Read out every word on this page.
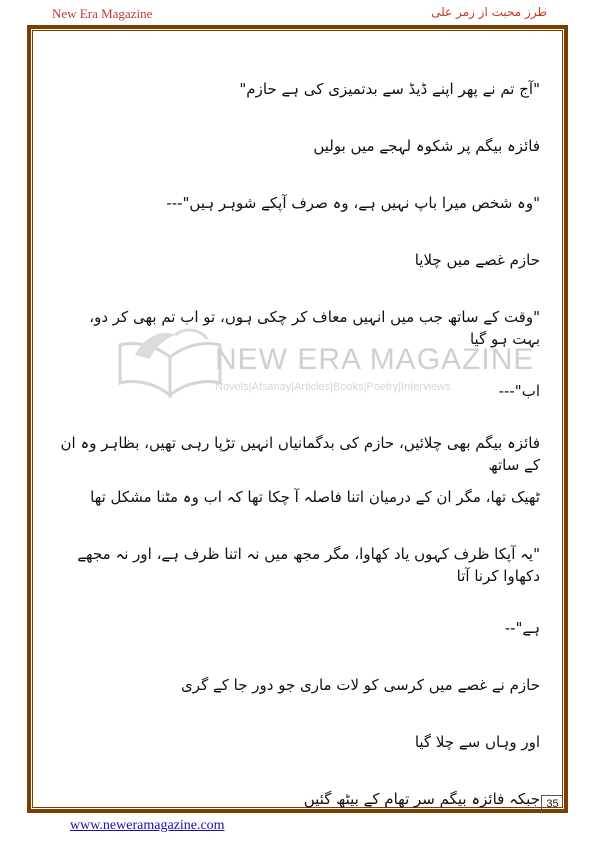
New Era Magazine	طرز محبت از زمر علی
NEW ERA MAGAZINE
Novels|Afsanay|Articles|Books|Poetry|Interviews

"آج تم نے پھر اپنے ڈیڈ سے بدتمیزی کی ہے حازم"

فائزہ بیگم پر شکوہ لہجے میں بولیں

"وہ شخص میرا باپ نہیں ہے، وہ صرف آپکے شوہر ہیں"---

حازم غصے میں چلایا

"وقت کے ساتھ جب میں انہیں معاف کر چکی ہوں، تو اب تم بھی کر دو، بہت ہو گیا

اب"---

فائزہ بیگم بھی چلائیں، حازم کی بدگمانیاں انہیں تڑپا رہی تھیں، بظاہر وہ ان کے ساتھ

ٹھیک تھا، مگر ان کے درمیان اتنا فاصلہ آ چکا تھا کہ اب وہ مٹنا مشکل تھا

"یہ آپکا ظرف کہوں یاد کھاوا، مگر مجھ میں نہ اتنا ظرف ہے، اور نہ مجھے دکھاوا کرنا آتا

ہے"--

حازم نے غصے میں کرسی کو لات ماری جو دور جا کے گری

اور وہاں سے چلا گیا

جبکہ فائزہ بیگم سر تھام کے بیٹھ گئیں 35
www.neweramagazine.com
